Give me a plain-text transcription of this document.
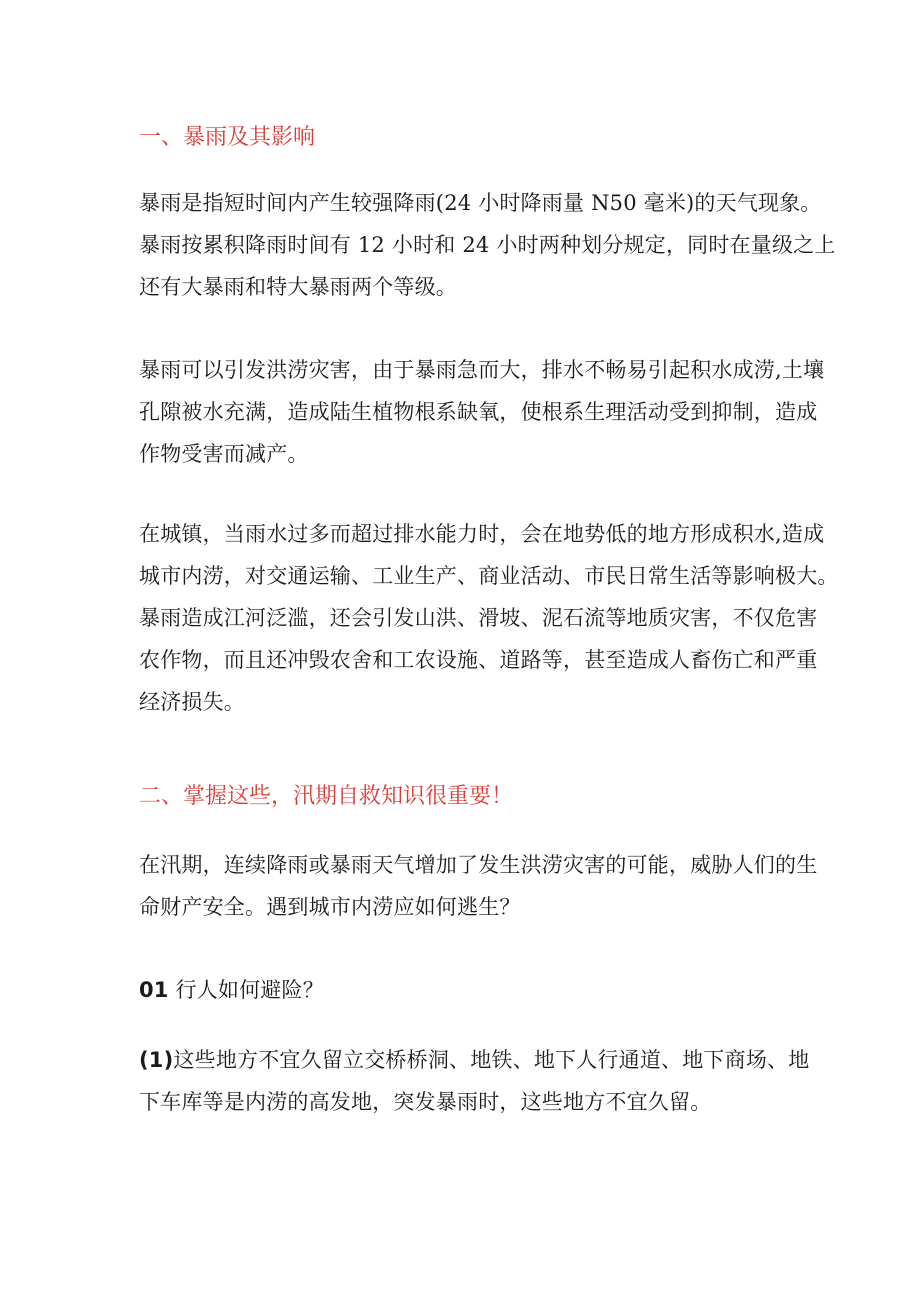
一、暴雨及其影响
暴雨是指短时间内产生较强降雨(24 小时降雨量 N50 毫米)的天气现象。
暴雨按累积降雨时间有 12 小时和 24 小时两种划分规定，同时在量级之上
还有大暴雨和特大暴雨两个等级。
暴雨可以引发洪涝灾害，由于暴雨急而大，排水不畅易引起积水成涝,土壤
孔隙被水充满，造成陆生植物根系缺氧，使根系生理活动受到抑制，造成
作物受害而减产。
在城镇，当雨水过多而超过排水能力时，会在地势低的地方形成积水,造成
城市内涝，对交通运输、工业生产、商业活动、市民日常生活等影响极大。
暴雨造成江河泛滥，还会引发山洪、滑坡、泥石流等地质灾害，不仅危害
农作物，而且还冲毁农舍和工农设施、道路等，甚至造成人畜伤亡和严重
经济损失。
二、掌握这些，汛期自救知识很重要！
在汛期，连续降雨或暴雨天气增加了发生洪涝灾害的可能，威胁人们的生
命财产安全。遇到城市内涝应如何逃生？
01 行人如何避险？
(1)这些地方不宜久留立交桥桥洞、地铁、地下人行通道、地下商场、地
下车库等是内涝的高发地，突发暴雨时，这些地方不宜久留。
